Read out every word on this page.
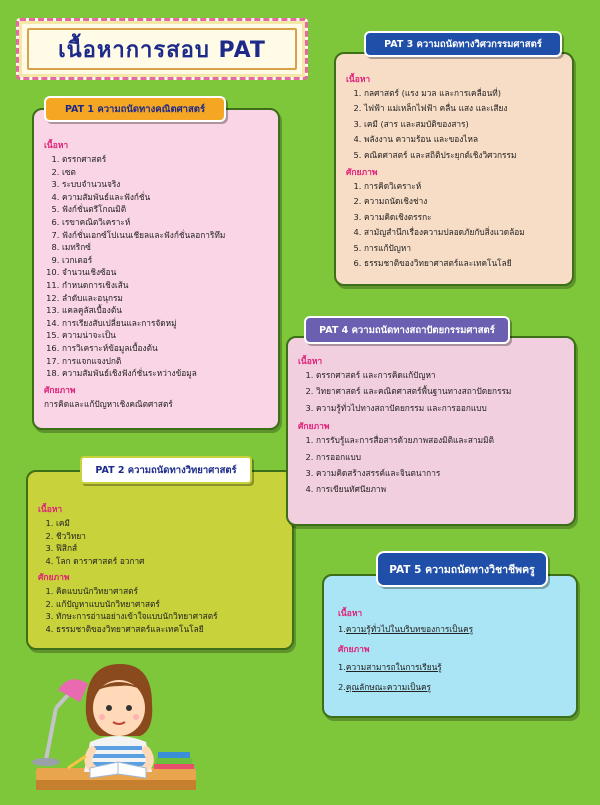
เนื้อหาการสอบ PAT
เนื้อหา
1. ตรรกศาสตร์
2. เซต
3. ระบบจำนวนจริง
4. ความสัมพันธ์และฟังก์ชั่น
5. ฟังก์ชั่นตรีโกณมิติ
6. เรขาคณิตวิเคราะห์
7. ฟังก์ชั่นเอกซ์โปเนนเชียลและฟังก์ชั่นลอการิทึม
8. เมทริกซ์
9. เวกเตอร์
10. จำนวนเชิงซ้อน
11. กำหนดการเชิงเส้น
12. ลำดับและอนุกรม
13. แคลคูลัสเบื้องต้น
14. การเรียงสับเปลี่ยนและการจัดหมู่
15. ความน่าจะเป็น
16. การวิเคราะห์ข้อมูลเบื้องต้น
17. การแจกแจงปกติ
18. ความสัมพันธ์เชิงฟังก์ชั่นระหว่างข้อมูล
ศักยภาพ

การคิดและแก้ปัญหาเชิงคณิตศาสตร์

PAT 1 ความถนัดทางคณิตศาสตร์
เนื้อหา
1. เคมี
2. ชีววิทยา
3. ฟิสิกส์
4. โลก ดาราศาสตร์ อวกาศ
ศักยภาพ
1. คิดแบบนักวิทยาศาสตร์
2. แก้ปัญหาแบบนักวิทยาศาสตร์
3. ทักษะการอ่านอย่างเข้าใจแบบนักวิทยาศาสตร์
4. ธรรมชาติของวิทยาศาสตร์และเทคโนโลยี
PAT 2 ความถนัดทางวิทยาศาสตร์
เนื้อหา
1. กลศาสตร์ (แรง มวล และการเคลื่อนที่)
2. ไฟฟ้า แม่เหล็กไฟฟ้า คลื่น แสง และเสียง
3. เคมี (สาร และสมบัติของสาร)
4. พลังงาน ความร้อน และของไหล
5. คณิตศาสตร์ และสถิติประยุกต์เชิงวิศวกรรม
ศักยภาพ
1. การคิดวิเคราะห์
2. ความถนัดเชิงช่าง
3. ความคิดเชิงตรรกะ
4. สามัญสำนึกเรื่องความปลอดภัยกับสิ่งแวดล้อม
5. การแก้ปัญหา
6. ธรรมชาติของวิทยาศาสตร์และเทคโนโลยี
PAT 3 ความถนัดทางวิศวกรรมศาสตร์
เนื้อหา
1. ตรรกศาสตร์ และการคิดแก้ปัญหา
2. วิทยาศาสตร์ และคณิตศาสตร์พื้นฐานทางสถาปัตยกรรม
3. ความรู้ทั่วไปทางสถาปัตยกรรม และการออกแบบ
ศักยภาพ
1. การรับรู้และการสื่อสารด้วยภาพสองมิติและสามมิติ
2. การออกแบบ
3. ความคิดสร้างสรรค์และจินตนาการ
4. การเขียนทัศนียภาพ
PAT 4 ความถนัดทางสถาปัตยกรรมศาสตร์
เนื้อหา

1.ความรู้ทั่วไปในบริบทของการเป็นครู

ศักยภาพ

1.ความสามารถในการเรียนรู้

2.คุณลักษณะความเป็นครู

PAT 5 ความถนัดทางวิชาชีพครู
